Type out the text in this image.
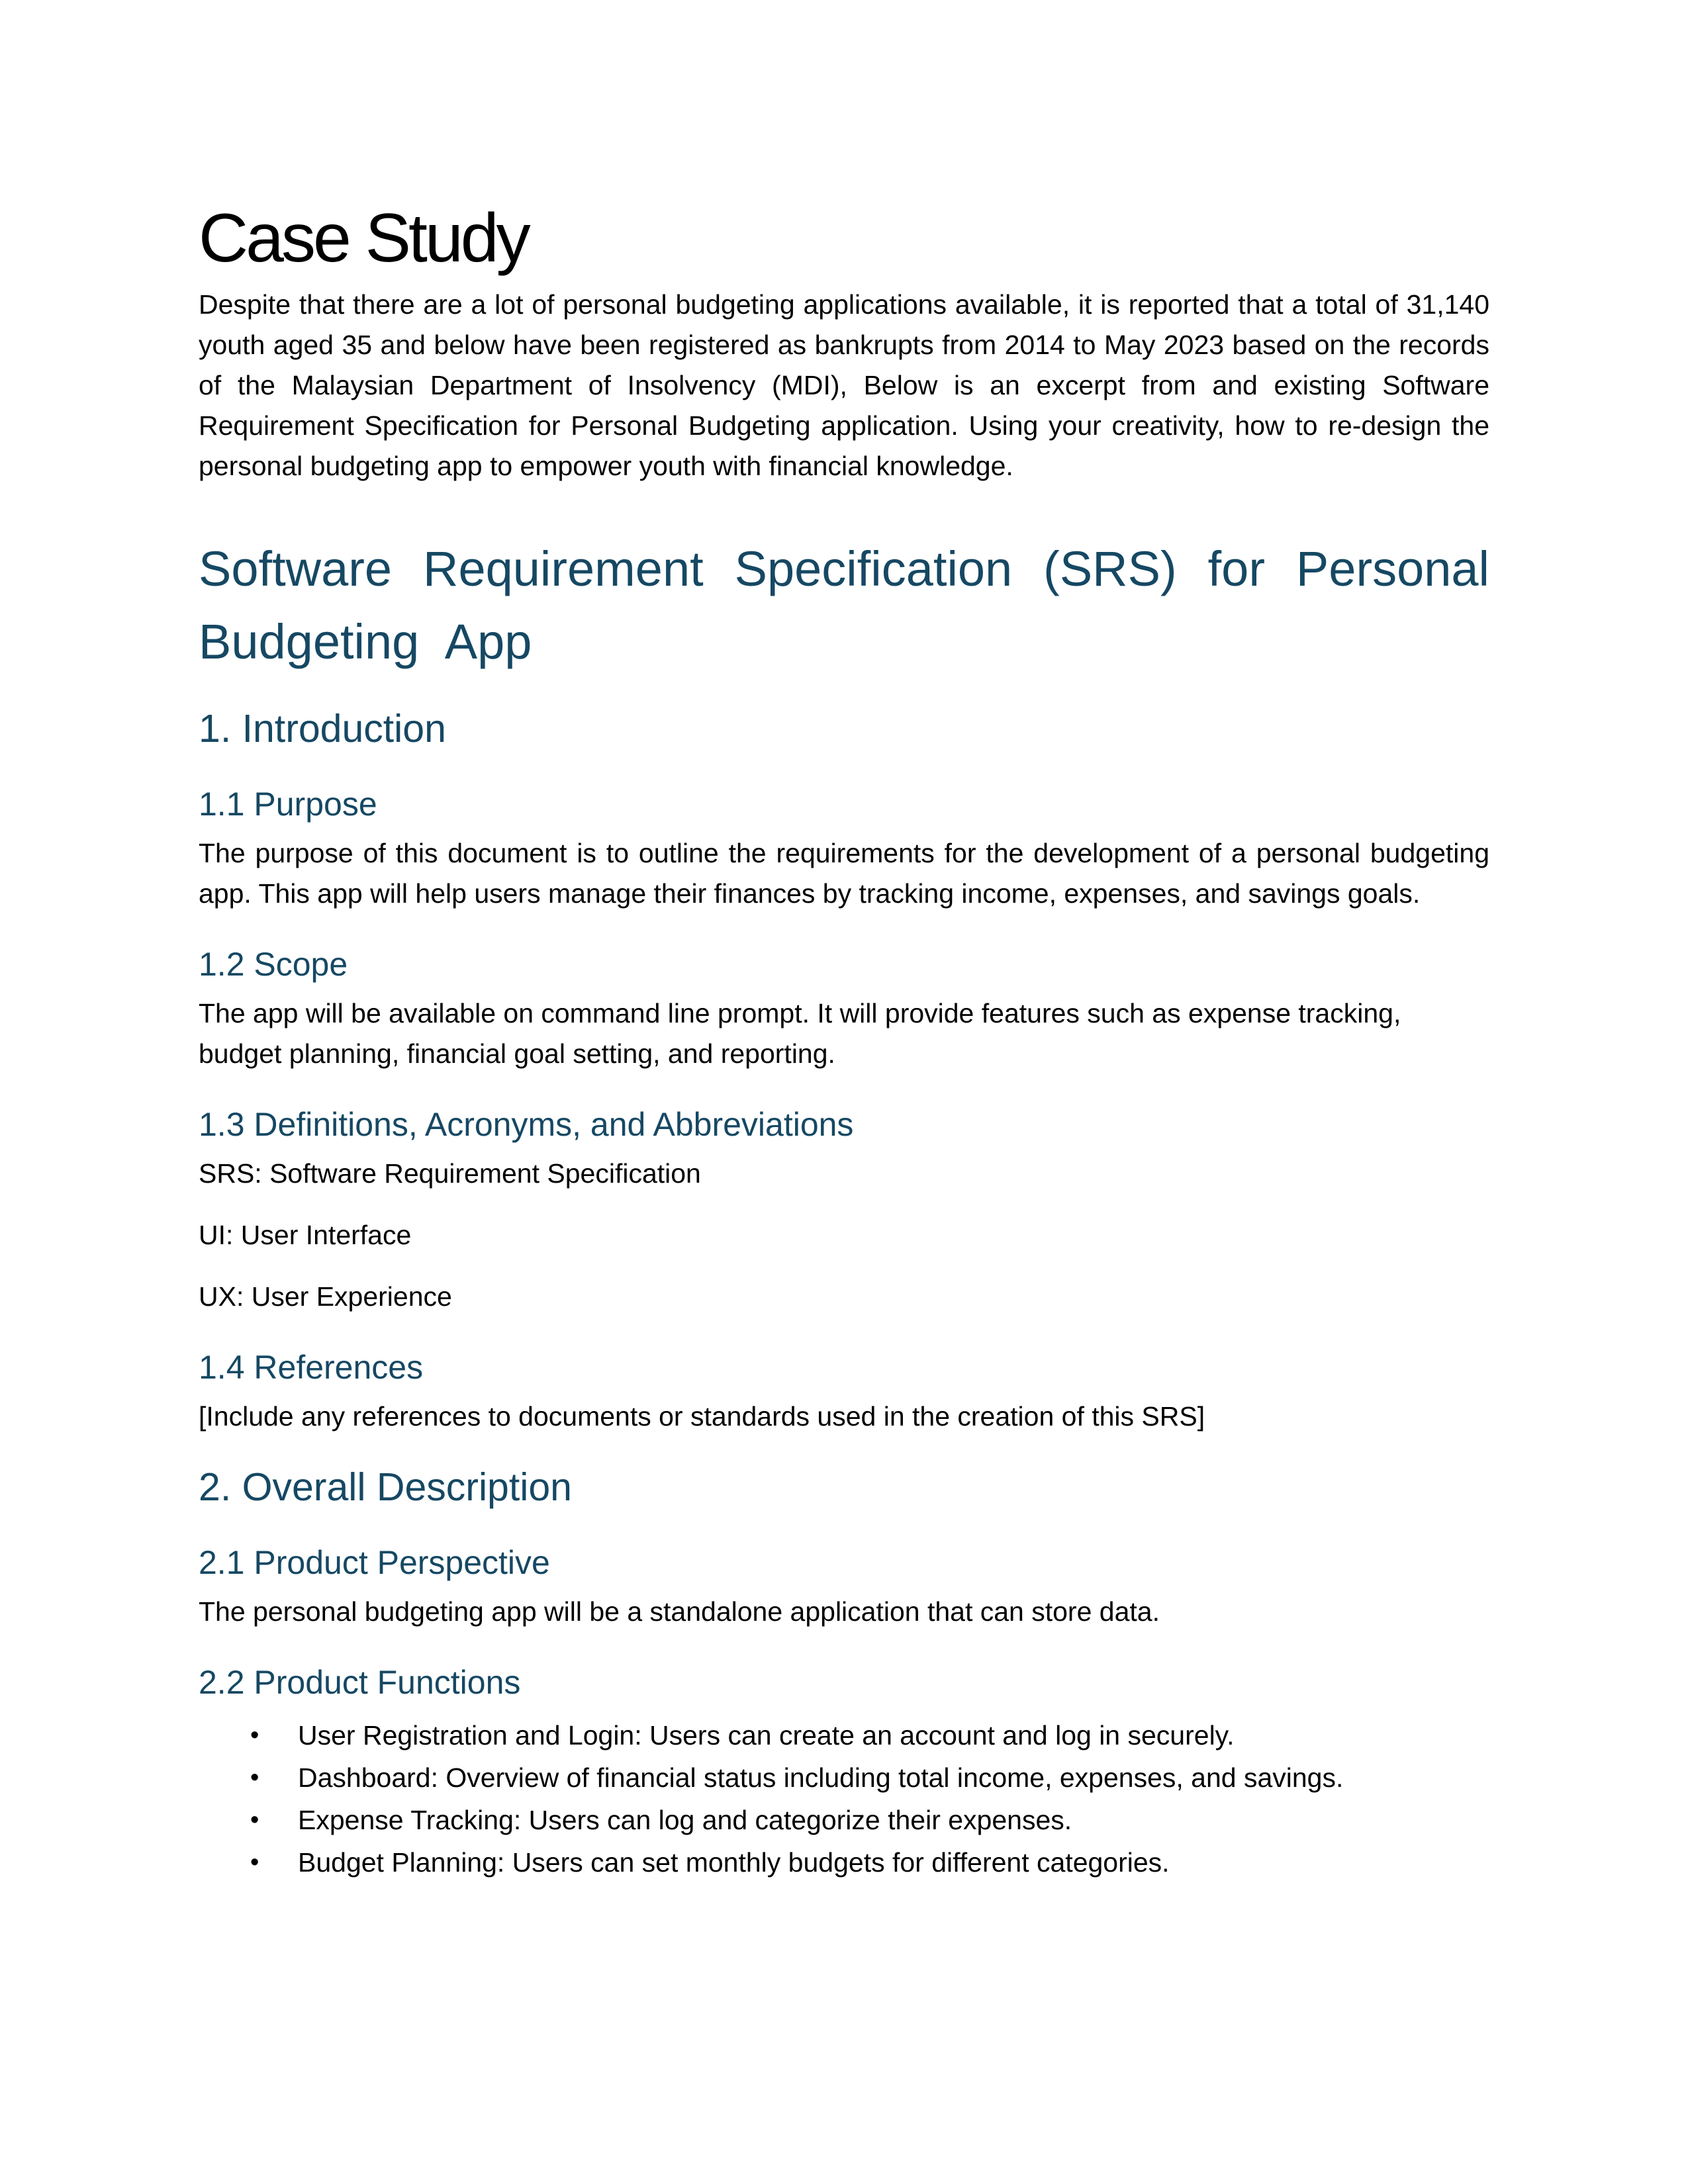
Case Study

Despite that there are a lot of personal budgeting applications available, it is reported that a total of 31,140 youth aged 35 and below have been registered as bankrupts from 2014 to May 2023 based on the records of the Malaysian Department of Insolvency (MDI), Below is an excerpt from and existing Software Requirement Specification for Personal Budgeting application. Using your creativity, how to re-design the personal budgeting app to empower youth with financial knowledge.

Software Requirement Specification (SRS) for Personal Budgeting App
1. Introduction
1.1 Purpose

The purpose of this document is to outline the requirements for the development of a personal budgeting app. This app will help users manage their finances by tracking income, expenses, and savings goals.

1.2 Scope

The app will be available on command line prompt. It will provide features such as expense tracking, budget planning, financial goal setting, and reporting.

1.3 Definitions, Acronyms, and Abbreviations

SRS: Software Requirement Specification

UI: User Interface

UX: User Experience

1.4 References

[Include any references to documents or standards used in the creation of this SRS]

2. Overall Description
2.1 Product Perspective

The personal budgeting app will be a standalone application that can store data.

2.2 Product Functions
• User Registration and Login: Users can create an account and log in securely.
• Dashboard: Overview of financial status including total income, expenses, and savings.
• Expense Tracking: Users can log and categorize their expenses.
• Budget Planning: Users can set monthly budgets for different categories.
